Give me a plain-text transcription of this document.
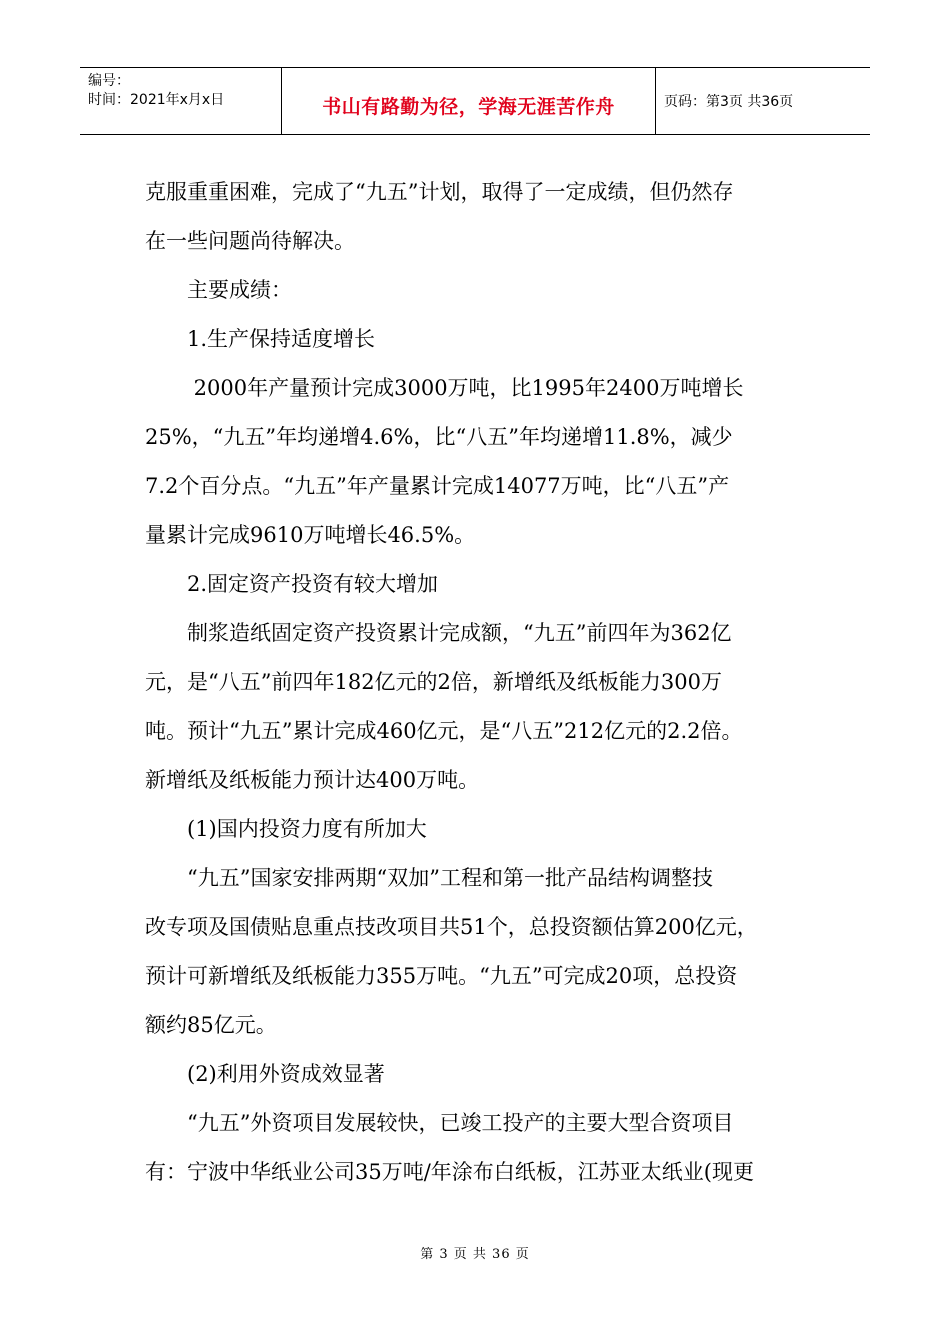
编号：
时间：2021年x月x日	书山有路勤为径，学海无涯苦作舟	页码：第3页 共36页
克服重重困难，完成了“九五”计划，取得了一定成绩，但仍然存
在一些问题尚待解决。
主要成绩：
1.生产保持适度增长
2000年产量预计完成3000万吨，比1995年2400万吨增长
25%，“九五”年均递增4.6%，比“八五”年均递增11.8%，减少
7.2个百分点。“九五”年产量累计完成14077万吨，比“八五”产
量累计完成9610万吨增长46.5%。
2.固定资产投资有较大增加
制浆造纸固定资产投资累计完成额，“九五”前四年为362亿
元，是“八五”前四年182亿元的2倍，新增纸及纸板能力300万
吨。预计“九五”累计完成460亿元，是“八五”212亿元的2.2倍。
新增纸及纸板能力预计达400万吨。
(1)国内投资力度有所加大
“九五”国家安排两期“双加”工程和第一批产品结构调整技
改专项及国债贴息重点技改项目共51个，总投资额估算200亿元，
预计可新增纸及纸板能力355万吨。“九五”可完成20项，总投资
额约85亿元。
(2)利用外资成效显著
“九五”外资项目发展较快，已竣工投产的主要大型合资项目
有：宁波中华纸业公司35万吨/年涂布白纸板，江苏亚太纸业(现更
第 3 页 共 36 页
